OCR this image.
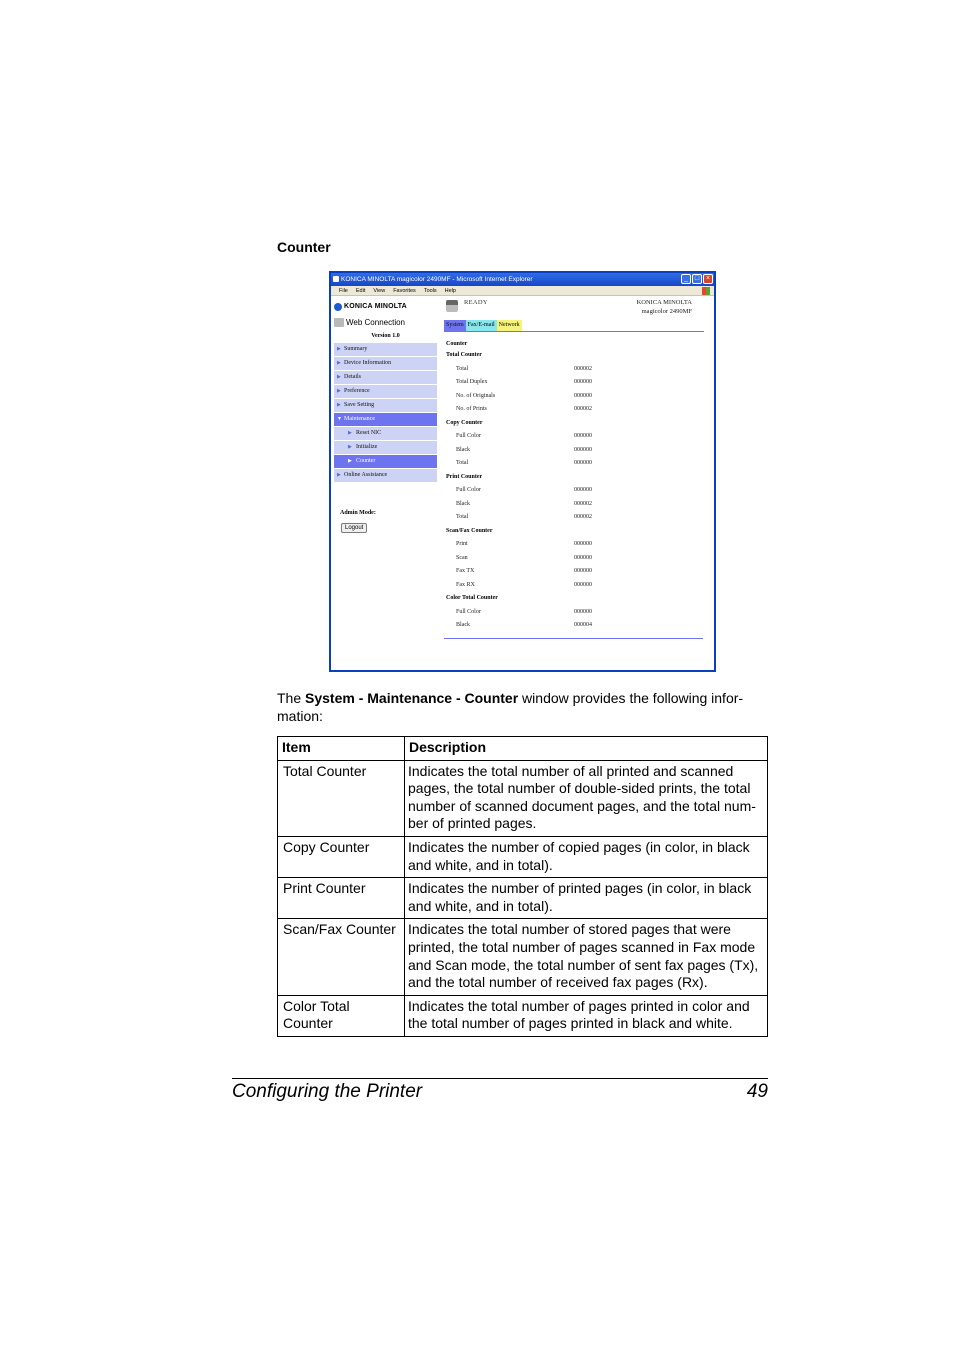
Counter
KONICA MINOLTA magicolor 2490MF - Microsoft Internet Explorer	_ □ ×
File Edit View Favorites Tools Help
KONICA MINOLTA
Web Connection
Version 1.0
▶ Summary
▶ Device Information
▶ Details
▶ Preference
▶ Save Setting
▼ Maintenance
▶ Reset NIC
▶ Initialize
▶ Counter
▶ Online Assistance
Admin Mode:
Logout
READY	KONICA MINOLTA
magicolor 2490MF
System Fax/E-mail Network
Counter
Total Counter
Total	000002
Total Duplex	000000
No. of Originals	000000
No. of Prints	000002
Copy Counter
Full Color	000000
Black	000000
Total	000000
Print Counter
Full Color	000000
Black	000002
Total	000002
Scan/Fax Counter
Print	000000
Scan	000000
Fax TX	000000
Fax RX	000000
Color Total Counter
Full Color	000000
Black	000004
The System - Maintenance - Counter window provides the following infor-
mation:
Item	Description
Total Counter	Indicates the total number of all printed and scanned pages, the total number of double-sided prints, the total number of scanned document pages, and the total num-ber of printed pages.
Copy Counter	Indicates the number of copied pages (in color, in black and white, and in total).
Print Counter	Indicates the number of printed pages (in color, in black and white, and in total).
Scan/Fax Counter	Indicates the total number of stored pages that were printed, the total number of pages scanned in Fax mode and Scan mode, the total number of sent fax pages (Tx), and the total number of received fax pages (Rx).
Color Total Counter	Indicates the total number of pages printed in color and the total number of pages printed in black and white.
Configuring the Printer	49
